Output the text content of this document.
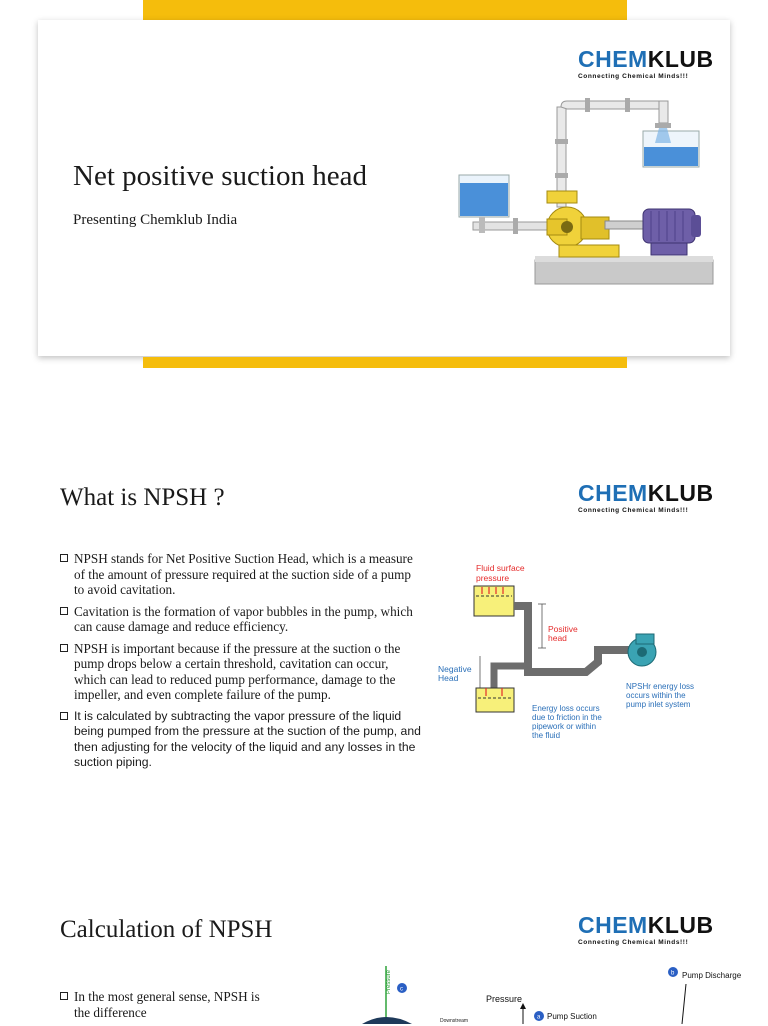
CHEMKLUB
Connecting Chemical Minds!!!
Net positive suction head
Presenting Chemklub India
What is NPSH ?	CHEMKLUB
Connecting Chemical Minds!!!
NPSH stands for Net Positive Suction Head, which is a measure of the amount of pressure required at the suction side of a pump to avoid cavitation.
Cavitation is the formation of vapor bubbles in the pump, which can cause damage and reduce efficiency.
NPSH is important because if the pressure at the suction o the pump drops below a certain threshold, cavitation can occur, which can lead to reduced pump performance, damage to the impeller, and even complete failure of the pump.
It is calculated by subtracting the vapor pressure of the liquid being pumped from the pressure at the suction of the pump, and then adjusting for the velocity of the liquid and any losses in the suction piping.
Fluid surface
pressure
Positive
head
Negative
Head
NPSHr energy loss
occurs within the
pump inlet system
Energy loss occurs
due to friction in the
pipework or within
the fluid
Calculation of NPSH	CHEMKLUB
Connecting Chemical Minds!!!
In the most general sense, NPSH is the difference
Pressure c
Downstream
Pressure
a Pump Suction
b Pump Discharge
